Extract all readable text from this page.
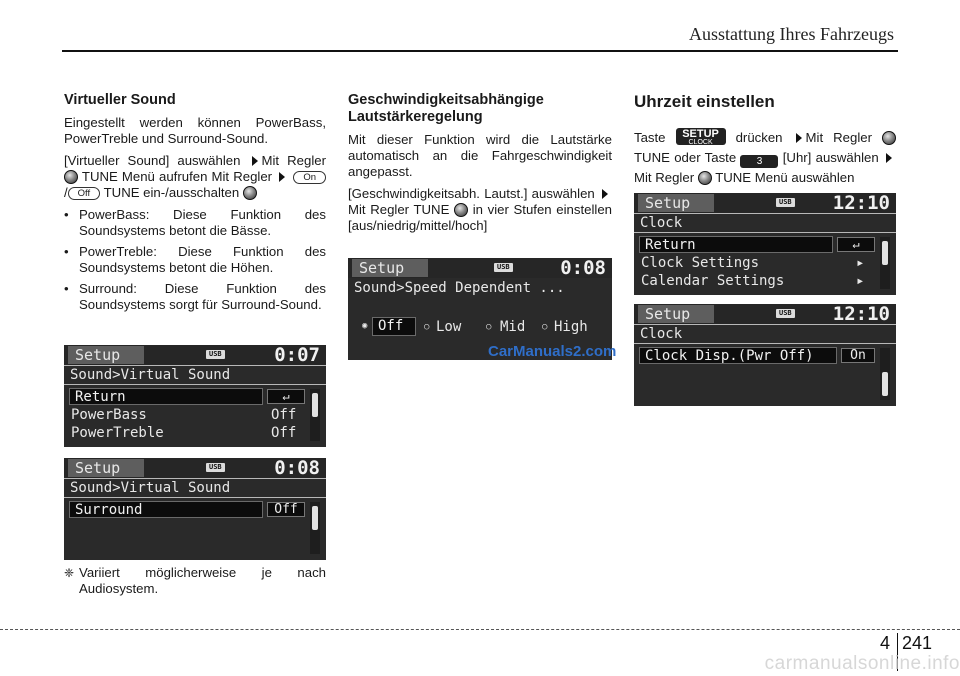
Ausstattung Ihres Fahrzeugs
Virtueller Sound

Eingestellt werden können PowerBass, PowerTreble und Surround-Sound.

[Virtueller Sound] auswählen Mit Regler  TUNE Menü aufrufen Mit Regler	On/ Off TUNE ein-/ausschalten

• PowerBass: Diese Funktion des Soundsystems betont die Bässe.
• PowerTreble: Diese Funktion des Soundsystems betont die Höhen.
• Surround: Diese Funktion des Soundsystems sorgt für Surround-Sound.
Setup	USB	0:07
Sound>Virtual Sound
Return	↵
PowerBass	Off
PowerTreble	Off
Setup	USB	0:08
Sound>Virtual Sound
Surround	Off
❈ Variiert möglicherweise je nach Audiosystem.
Geschwindigkeitsabhängige Lautstärkeregelung

Mit dieser Funktion wird die Lautstärke automatisch an die Fahrgeschwindigkeit angepasst.

[Geschwindigkeitsabh. Lautst.] auswählen Mit Regler TUNE in vier Stufen einstellen [aus/niedrig/mittel/hoch]

Setup	USB	0:08
Sound>Speed Dependent ...
◉ Off	○ Low	○ Mid ○ High
CarManuals2.com
Uhrzeit einstellen

Taste	SETUP
CLOCK	drücken Mit Regler  TUNE oder Taste 3 [Uhr] auswählen Mit Regler TUNE Menü auswählen

Setup	USB 12:10
Clock
Return	↵
Clock Settings	▸
Calendar Settings	▸
Setup	USB 12:10
Clock
Clock Disp.(Pwr Off)	On
4 241
carmanualsonline.info
